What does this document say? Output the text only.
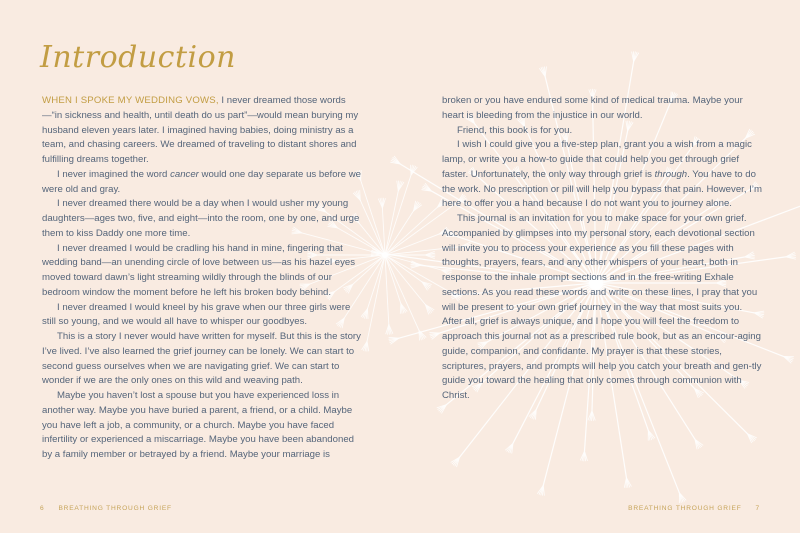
Introduction

WHEN I SPOKE MY WEDDING VOWS, I never dreamed those words—“in sickness and health, until death do us part”—would mean burying my husband eleven years later. I imagined having babies, doing ministry as a team, and chasing careers. We dreamed of traveling to distant shores and fulfilling dreams together.

I never imagined the word cancer would one day separate us before we were old and gray.

I never dreamed there would be a day when I would usher my young daughters—ages two, five, and eight—into the room, one by one, and urge them to kiss Daddy one more time.

I never dreamed I would be cradling his hand in mine, fingering that wedding band—an unending circle of love between us—as his hazel eyes moved toward dawn’s light streaming wildly through the blinds of our bedroom window the moment before he left his broken body behind.

I never dreamed I would kneel by his grave when our three girls were still so young, and we would all have to whisper our goodbyes.

This is a story I never would have written for myself. But this is the story I’ve lived. I’ve also learned the grief journey can be lonely. We can start to second guess ourselves when we are navigating grief. We can start to wonder if we are the only ones on this wild and weaving path.

Maybe you haven’t lost a spouse but you have experienced loss in another way. Maybe you have buried a parent, a friend, or a child. Maybe you have left a job, a community, or a church. Maybe you have faced infertility or experienced a miscarriage. Maybe you have been abandoned by a family member or betrayed by a friend. Maybe your marriage is

broken or you have endured some kind of medical trauma. Maybe your heart is bleeding from the injustice in our world.

Friend, this book is for you.

I wish I could give you a five-step plan, grant you a wish from a magic lamp, or write you a how-to guide that could help you get through grief faster. Unfortunately, the only way through grief is through. You have to do the work. No prescription or pill will help you bypass that pain. However, I’m here to offer you a hand because I do not want you to journey alone.

This journal is an invitation for you to make space for your own grief. Accompanied by glimpses into my personal story, each devotional section will invite you to process your experience as you fill these pages with thoughts, prayers, fears, and any other whispers of your heart, both in response to the inhale prompt sections and in the free-writing Exhale sections. As you read these words and write on these lines, I pray that you will be present to your own grief journey in the way that most suits you. After all, grief is always unique, and I hope you will feel the freedom to approach this journal not as a prescribed rule book, but as an encour-aging guide, companion, and confidante. My prayer is that these stories, scriptures, prayers, and prompts will help you catch your breath and gen-tly guide you toward the healing that only comes through communion with Christ.

6 BREATHING THROUGH GRIEF	BREATHING THROUGH GRIEF 7
